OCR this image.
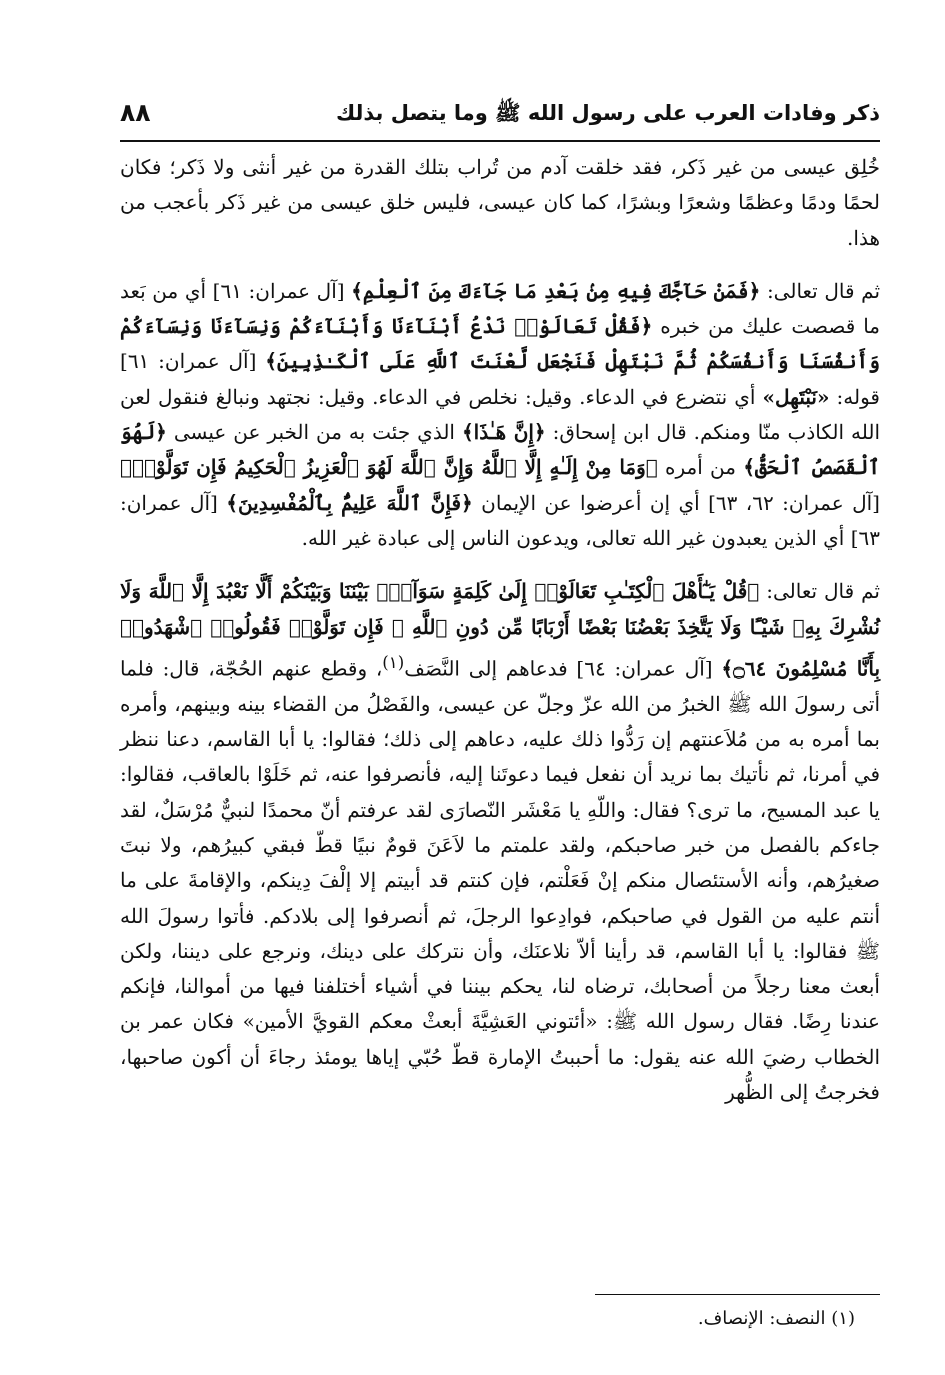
ذكر وفادات العرب على رسول الله ﷺ وما يتصل بذلك
٨٨

خُلِق عيسى من غير ذَكر، فقد خلقت آدم من تُراب بتلك القدرة من غير أنثى ولا ذَكر؛ فكان لحمًا ودمًا وعظمًا وشعرًا وبشرًا، كما كان عيسى، فليس خلق عيسى من غير ذَكر بأعجب من هذا.

ثم قال تعالى: ﴿فَمَنْ حَآجَّكَ فِيهِ مِنۢ بَعْدِ مَا جَآءَكَ مِنَ ٱلْعِلْمِ﴾ [آل عمران: ٦١] أي من بَعد ما قصصت عليك من خبره ﴿فَقُلْ تَعَالَوْا۟ نَدْعُ أَبْنَآءَنَا وَأَبْنَآءَكُمْ وَنِسَآءَنَا وَنِسَآءَكُمْ وَأَنفُسَنَا وَأَنفُسَكُمْ ثُمَّ نَبْتَهِلْ فَنَجْعَل لَّعْنَتَ ٱللَّهِ عَلَى ٱلْكَـٰذِبِينَ﴾ [آل عمران: ٦١] قوله: «نَبْتَهِل» أي نتضرع في الدعاء. وقيل: نخلص في الدعاء. وقيل: نجتهد ونبالغ فنقول لعن الله الكاذب منّا ومنكم. قال ابن إسحاق: ﴿إِنَّ هَـٰذَا﴾ الذي جئت به من الخبر عن عيسى ﴿لَهُوَ ٱلْقَصَصُ ٱلْحَقُّ﴾ من أمره ﴿وَمَا مِنْ إِلَـٰهٍ إِلَّا ٱللَّهُ وَإِنَّ ٱللَّهَ لَهُوَ ٱلْعَزِيزُ ٱلْحَكِيمُ فَإِن تَوَلَّوْا۟﴾ [آل عمران: ٦٢، ٦٣] أي إن أعرضوا عن الإيمان ﴿فَإِنَّ ٱللَّهَ عَلِيمٌۢ بِٱلْمُفْسِدِينَ﴾ [آل عمران: ٦٣] أي الذين يعبدون غير الله تعالى، ويدعون الناس إلى عبادة غير الله.

ثم قال تعالى: ﴿قُلْ يَـٰٓأَهْلَ ٱلْكِتَـٰبِ تَعَالَوْا۟ إِلَىٰ كَلِمَةٍ سَوَآءٍۭ بَيْنَنَا وَبَيْنَكُمْ أَلَّا نَعْبُدَ إِلَّا ٱللَّهَ وَلَا نُشْرِكَ بِهِۦ شَيْـًٔا وَلَا يَتَّخِذَ بَعْضُنَا بَعْضًا أَرْبَابًا مِّن دُونِ ٱللَّهِ ۚ فَإِن تَوَلَّوْا۟ فَقُولُوا۟ ٱشْهَدُوا۟ بِأَنَّا مُسْلِمُونَ ۝٦٤﴾ [آل عمران: ٦٤] فدعاهم إلى النَّصَف$^{(١)}$، وقطع عنهم الحُجّة، قال: فلما أتى رسولَ الله ﷺ الخبرُ من الله عزّ وجلّ عن عيسى، والفَصْلُ من القضاء بينه وبينهم، وأمره بما أمره به من مُلاَعنتهم إن رَدُّوا ذلك عليه، دعاهم إلى ذلك؛ فقالوا: يا أبا القاسم، دعنا ننظر في أمرنا، ثم نأتيك بما نريد أن نفعل فيما دعوتَنا إليه، فأنصرفوا عنه، ثم خَلَوْا بالعاقب، فقالوا: يا عبد المسيح، ما ترى؟ فقال: واللّهِ يا مَعْشَر النّصارَى لقد عرفتم أنّ محمدًا لنبيٌّ مُرْسَلٌ، لقد جاءكم بالفصل من خبر صاحبكم، ولقد علمتم ما لاَعَنَ قومٌ نبيًا قطّ فبقي كبيرُهم، ولا نبتَ صغيرُهم، وأنه الأستئصال منكم إنْ فَعَلْتم، فإن كنتم قد أبيتم إلا إلْفَ دِينكم، والإقامةَ على ما أنتم عليه من القول في صاحبكم، فوادِعوا الرجلَ، ثم أنصرفوا إلى بلادكم. فأتوا رسولَ الله ﷺ فقالوا: يا أبا القاسم، قد رأينا ألاّ نلاعنَك، وأن نتركك على دينك، ونرجع على ديننا، ولكن أبعث معنا رجلاً من أصحابك، ترضاه لنا، يحكم بيننا في أشياء أختلفنا فيها من أموالنا، فإنكم عندنا رِضًا. فقال رسول الله ﷺ: «أئتوني العَشِيَّةَ أبعثْ معكم القويَّ الأمين» فكان عمر بن الخطاب رضيَ الله عنه يقول: ما أحببتُ الإمارة قطّ حُبّي إياها يومئذ رجاءَ أن أكون صاحبها، فخرجتُ إلى الظُّهر

(١) النصف: الإنصاف.
